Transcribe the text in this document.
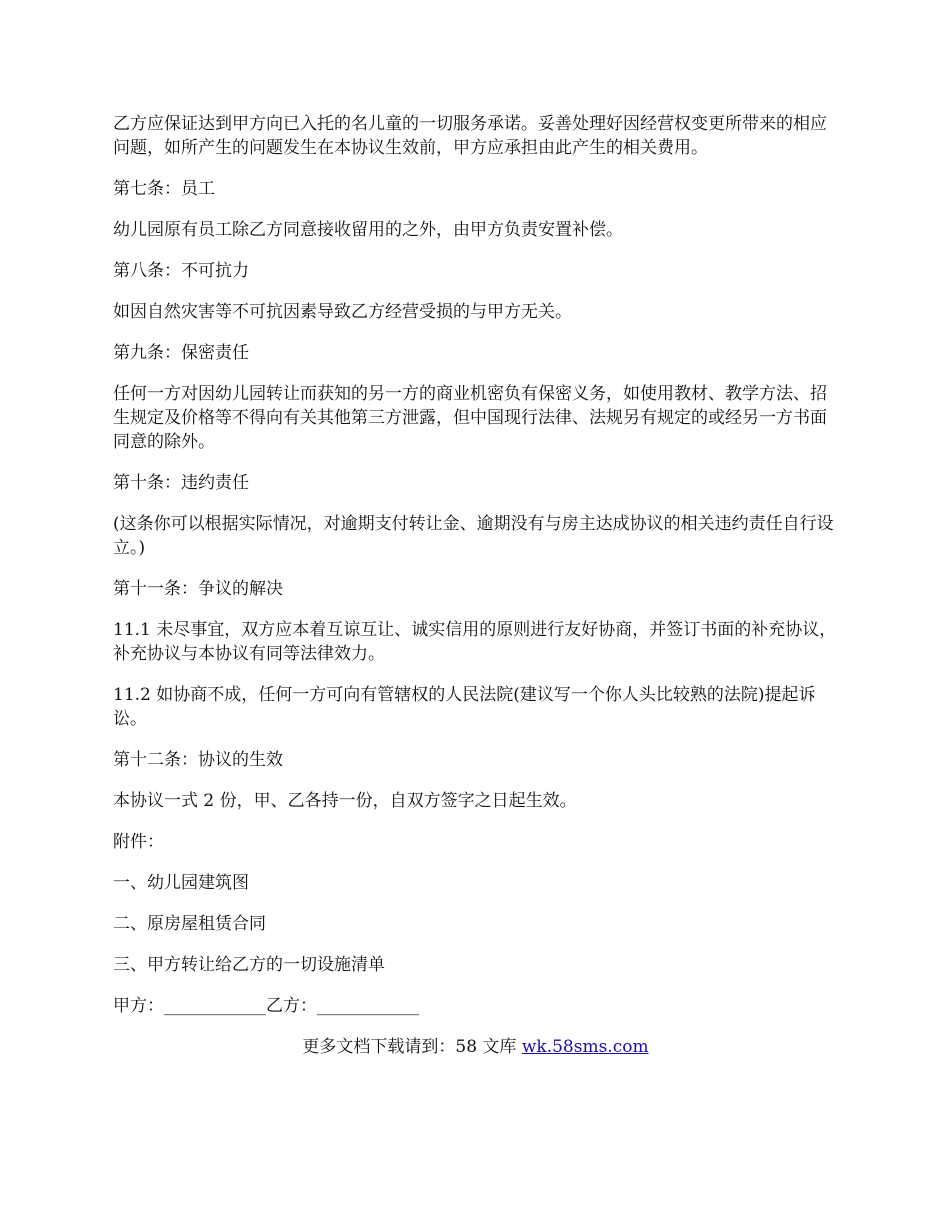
乙方应保证达到甲方向已入托的名儿童的一切服务承诺。妥善处理好因经营权变更所带来的相应问题，如所产生的问题发生在本协议生效前，甲方应承担由此产生的相关费用。

第七条：员工

幼儿园原有员工除乙方同意接收留用的之外，由甲方负责安置补偿。

第八条：不可抗力

如因自然灾害等不可抗因素导致乙方经营受损的与甲方无关。

第九条：保密责任

任何一方对因幼儿园转让而获知的另一方的商业机密负有保密义务，如使用教材、教学方法、招生规定及价格等不得向有关其他第三方泄露，但中国现行法律、法规另有规定的或经另一方书面同意的除外。

第十条：违约责任

(这条你可以根据实际情况，对逾期支付转让金、逾期没有与房主达成协议的相关违约责任自行设立。)

第十一条：争议的解决

11.1 未尽事宜，双方应本着互谅互让、诚实信用的原则进行友好协商，并签订书面的补充协议，补充协议与本协议有同等法律效力。

11.2 如协商不成，任何一方可向有管辖权的人民法院(建议写一个你人头比较熟的法院)提起诉讼。

第十二条：协议的生效

本协议一式 2 份，甲、乙各持一份，自双方签字之日起生效。

附件：

一、幼儿园建筑图

二、原房屋租赁合同

三、甲方转让给乙方的一切设施清单

甲方：____________乙方：____________

更多文档下载请到：58 文库 wk.58sms.com
